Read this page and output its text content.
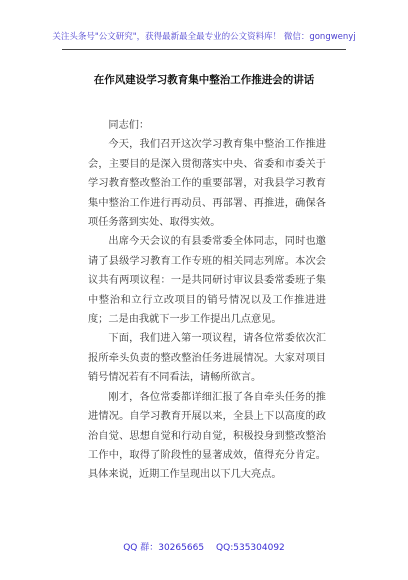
关注头条号"公文研究"，获得最新最全最专业的公文资料库！ 微信：gongwenyj
在作风建设学习教育集中整治工作推进会的讲话

同志们：

今天，我们召开这次学习教育集中整治工作推进会，主要目的是深入贯彻落实中央、省委和市委关于学习教育整改整治工作的重要部署，对我县学习教育集中整治工作进行再动员、再部署、再推进，确保各项任务落到实处、取得实效。

出席今天会议的有县委常委全体同志，同时也邀请了县级学习教育工作专班的相关同志列席。本次会议共有两项议程：一是共同研讨审议县委常委班子集中整治和立行立改项目的销号情况以及工作推进进度；二是由我就下一步工作提出几点意见。

下面，我们进入第一项议程，请各位常委依次汇报所牵头负责的整改整治任务进展情况。大家对项目销号情况若有不同看法，请畅所欲言。

刚才，各位常委都详细汇报了各自牵头任务的推进情况。自学习教育开展以来，全县上下以高度的政治自觉、思想自觉和行动自觉，积极投身到整改整治工作中，取得了阶段性的显著成效，值得充分肯定。具体来说，近期工作呈现出以下几大亮点。

QQ 群：30265665 QQ:535304092
